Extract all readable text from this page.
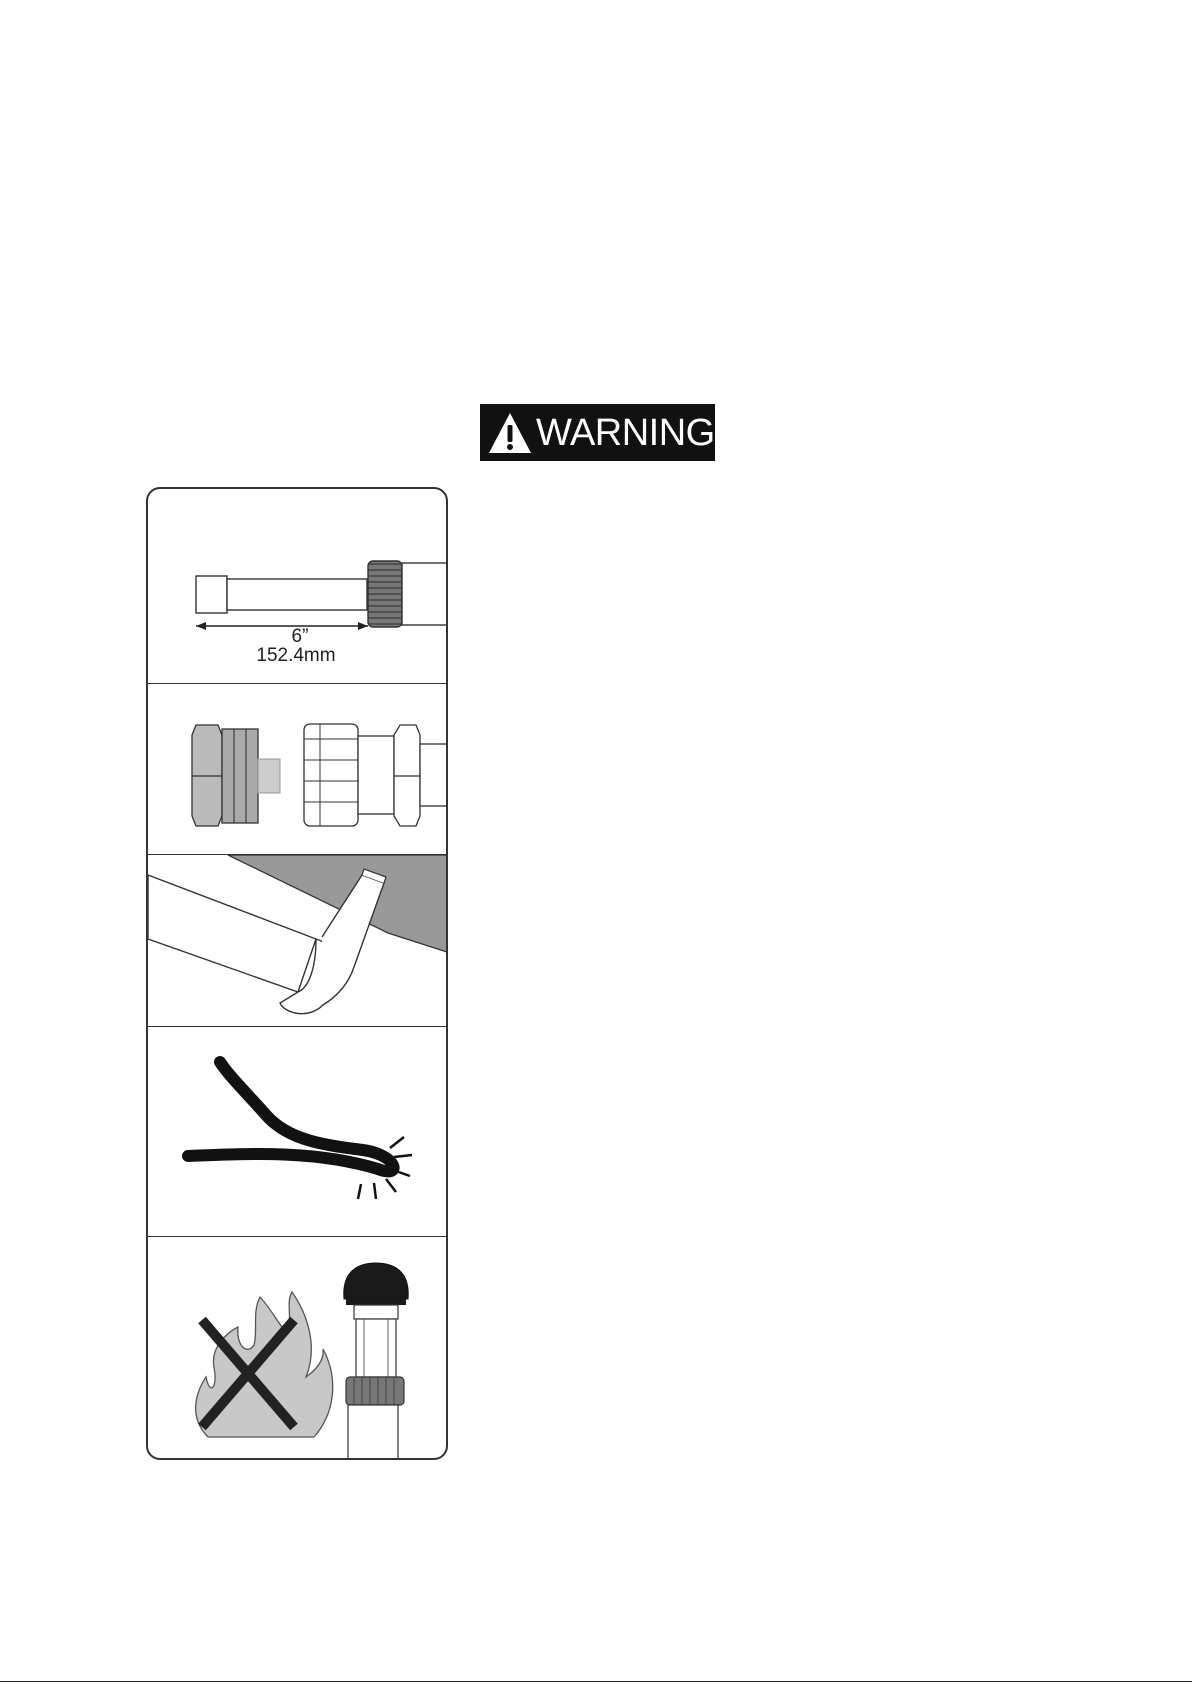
WARNING
6”
152.4mm
